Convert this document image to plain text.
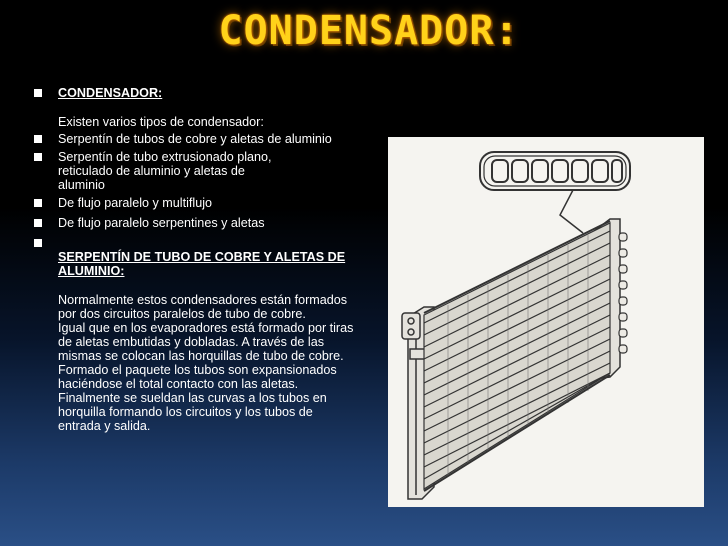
CONDENSADOR:
CONDENSADOR:
Existen varios tipos de condensador:
Serpentín de tubos de cobre y aletas de aluminio
Serpentín de tubo extrusionado plano, reticulado de aluminio y aletas de aluminio
De flujo paralelo y multiflujo
De flujo paralelo serpentines y aletas
SERPENTÍN DE TUBO DE COBRE Y ALETAS DE ALUMINIO:
Normalmente estos condensadores están formados por dos circuitos paralelos de tubo de cobre.
Igual que en los evaporadores está formado por tiras de aletas embutidas y dobladas. A través de las mismas se colocan las horquillas de tubo de cobre.
Formado el paquete los tubos son expansionados haciéndose el total contacto con las aletas. Finalmente se sueldan las curvas a los tubos en horquilla formando los circuitos y los tubos de entrada y salida.
